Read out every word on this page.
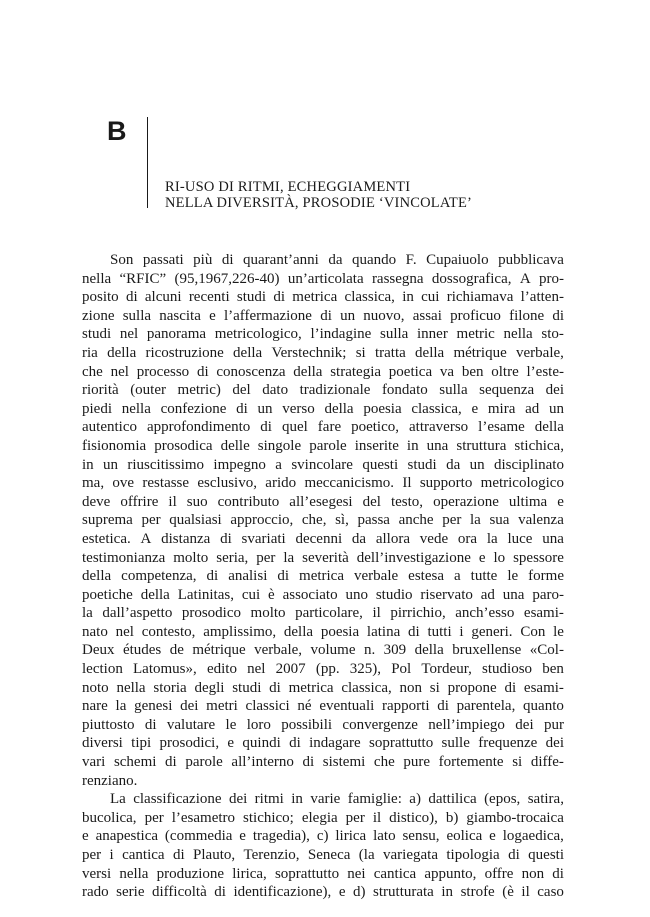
B
RI-USO DI RITMI, ECHEGGIAMENTI
NELLA DIVERSITÀ, PROSODIE ‘VINCOLATE’
Son passati più di quarant’anni da quando F. Cupaiuolo pubblicava
nella “RFIC” (95,1967,226-40) un’articolata rassegna dossografica, A pro-
posito di alcuni recenti studi di metrica classica, in cui richiamava l’atten-
zione sulla nascita e l’affermazione di un nuovo, assai proficuo filone di
studi nel panorama metricologico, l’indagine sulla inner metric nella sto-
ria della ricostruzione della Verstechnik; si tratta della métrique verbale,
che nel processo di conoscenza della strategia poetica va ben oltre l’este-
riorità (outer metric) del dato tradizionale fondato sulla sequenza dei
piedi nella confezione di un verso della poesia classica, e mira ad un
autentico approfondimento di quel fare poetico, attraverso l’esame della
fisionomia prosodica delle singole parole inserite in una struttura stichica,
in un riuscitissimo impegno a svincolare questi studi da un disciplinato
ma, ove restasse esclusivo, arido meccanicismo. Il supporto metricologico
deve offrire il suo contributo all’esegesi del testo, operazione ultima e
suprema per qualsiasi approccio, che, sì, passa anche per la sua valenza
estetica. A distanza di svariati decenni da allora vede ora la luce una
testimonianza molto seria, per la severità dell’investigazione e lo spessore
della competenza, di analisi di metrica verbale estesa a tutte le forme
poetiche della Latinitas, cui è associato uno studio riservato ad una paro-
la dall’aspetto prosodico molto particolare, il pirrichio, anch’esso esami-
nato nel contesto, amplissimo, della poesia latina di tutti i generi. Con le
Deux études de métrique verbale, volume n. 309 della bruxellense «Col-
lection Latomus», edito nel 2007 (pp. 325), Pol Tordeur, studioso ben
noto nella storia degli studi di metrica classica, non si propone di esami-
nare la genesi dei metri classici né eventuali rapporti di parentela, quanto
piuttosto di valutare le loro possibili convergenze nell’impiego dei pur
diversi tipi prosodici, e quindi di indagare soprattutto sulle frequenze dei
vari schemi di parole all’interno di sistemi che pure fortemente si diffe-
renziano.
La classificazione dei ritmi in varie famiglie: a) dattilica (epos, satira,
bucolica, per l’esametro stichico; elegia per il distico), b) giambo-trocaica
e anapestica (commedia e tragedia), c) lirica lato sensu, eolica e logaedica,
per i cantica di Plauto, Terenzio, Seneca (la variegata tipologia di questi
versi nella produzione lirica, soprattutto nei cantica appunto, offre non di
rado serie difficoltà di identificazione), e d) strutturata in strofe (è il caso
